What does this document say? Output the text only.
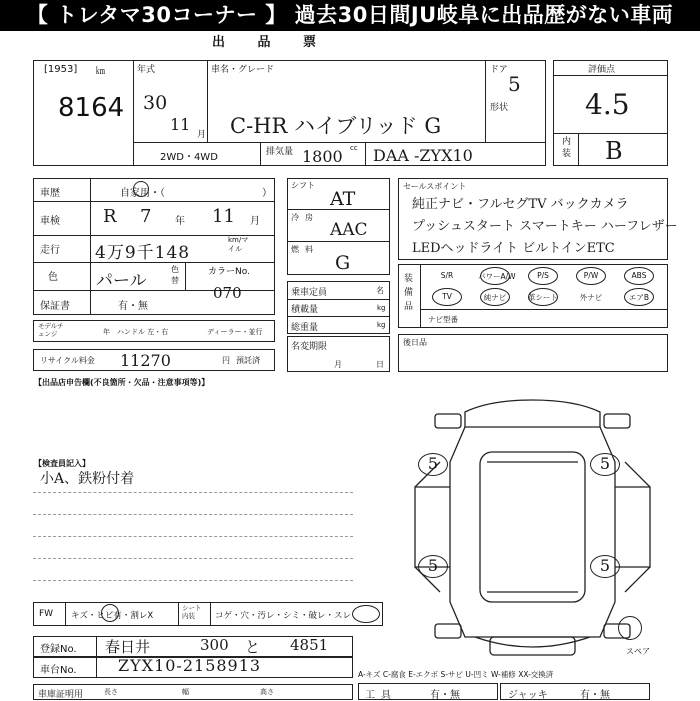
【 トレタマ30コーナー 】 過去30日間JU岐阜に出品歴がない車両
出 品 票
[1953] ㎞
8164
年式
30
11
月
車名・グレード
C-HR ハイブリッド G
ドア
5
形状
2WD・4WD	排気量 1800 cc DAA -ZYX10
評価点
4.5
内装 B
車歴	自家用・（	）
車検 R 7 年 11 月
走行 4万9千148
km/マイル
色 パール
色替
カラーNo.
070
保証書	有・無
モデルチェンジ	年 ハンドル 左・右	ディーラー・並行
リサイクル料金 11270	円 預託済
シフト
AT
冷房
AAC
燃料
G
乗車定員	名
積載量	kg
総重量	kg
名変期限
月	日
セールスポイント
純正ナビ・フルセグTV バックカメラ
プッシュスタート スマートキー ハーフレザー
LEDヘッドライト ビルトインETC
装備品
ナビ型番
後日品
【出品店申告欄(不良箇所・欠品・注意事項等)】
【検査員記入】
小A、鉄粉付着
FW キズ・ヒビ有・割レX
シート内装	コゲ・穴・汚レ・シミ・破レ・スレ
登録No. 春日井	300 と 4851
車台No.	ZYX10-2158913
車庫証明用	長さ	幅	高さ
5	5
5	5
スペア
A-キズ C-腐食 E-エクボ S-サビ U-凹ミ W-補修 XX-交換済
工具	有・無	ジャッキ	有・無
S/R	パワーA/W	P/S	P/W	ABS
TV	純ナビ	革シート	外ナビ	エアB
